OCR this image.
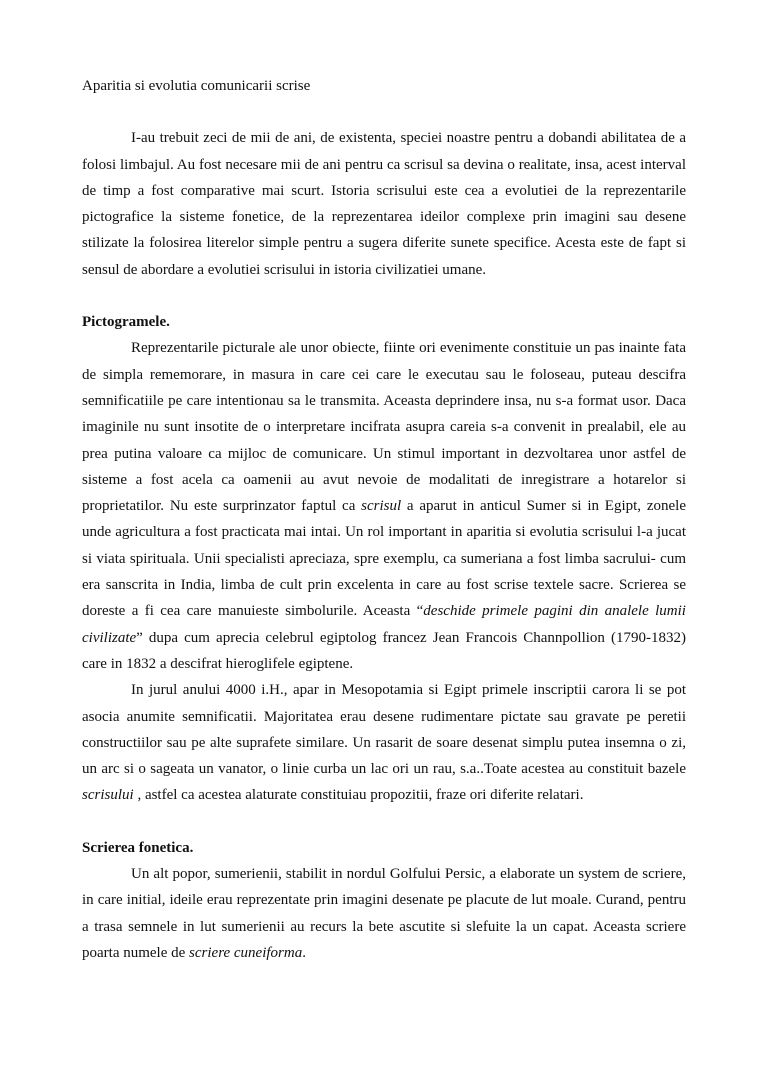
Aparitia si evolutia comunicarii scrise

I-au trebuit zeci de mii de ani, de existenta, speciei noastre pentru a dobandi abilitatea de a folosi limbajul. Au fost necesare mii de ani pentru ca scrisul sa devina o realitate, insa, acest interval de timp a fost comparative mai scurt. Istoria scrisului este cea a evolutiei de la reprezentarile pictografice la sisteme fonetice, de la reprezentarea ideilor complexe prin imagini sau desene stilizate la folosirea literelor simple pentru a sugera diferite sunete specifice. Acesta este de fapt si sensul de abordare a evolutiei scrisului in istoria civilizatiei umane.

Pictogramele.

Reprezentarile picturale ale unor obiecte, fiinte ori evenimente constituie un pas inainte fata de simpla rememorare, in masura in care cei care le executau sau le foloseau, puteau descifra semnificatiile pe care intentionau sa le transmita. Aceasta deprindere insa, nu s-a format usor. Daca imaginile nu sunt insotite de o interpretare incifrata asupra careia s-a convenit in prealabil, ele au prea putina valoare ca mijloc de comunicare. Un stimul important in dezvoltarea unor astfel de sisteme a fost acela ca oamenii au avut nevoie de modalitati de inregistrare a hotarelor si proprietatilor. Nu este surprinzator faptul ca scrisul a aparut in anticul Sumer si in Egipt, zonele unde agricultura a fost practicata mai intai. Un rol important in aparitia si evolutia scrisului l-a jucat si viata spirituala. Unii specialisti apreciaza, spre exemplu, ca sumeriana a fost limba sacrului- cum era sanscrita in India, limba de cult prin excelenta in care au fost scrise textele sacre. Scrierea se doreste a fi cea care manuieste simbolurile. Aceasta “deschide primele pagini din analele lumii civilizate” dupa cum aprecia celebrul egiptolog francez Jean Francois Channpollion (1790-1832) care in 1832 a descifrat hieroglifele egiptene.

In jurul anului 4000 i.H., apar in Mesopotamia si Egipt primele inscriptii carora li se pot asocia anumite semnificatii. Majoritatea erau desene rudimentare pictate sau gravate pe peretii constructiilor sau pe alte suprafete similare. Un rasarit de soare desenat simplu putea insemna o zi, un arc si o sageata un vanator, o linie curba un lac ori un rau, s.a..Toate acestea au constituit bazele scrisului , astfel ca acestea alaturate constituiau propozitii, fraze ori diferite relatari.

Scrierea fonetica.

Un alt popor, sumerienii, stabilit in nordul Golfului Persic, a elaborate un system de scriere, in care initial, ideile erau reprezentate prin imagini desenate pe placute de lut moale. Curand, pentru a trasa semnele in lut sumerienii au recurs la bete ascutite si slefuite la un capat. Aceasta scriere poarta numele de scriere cuneiforma.
